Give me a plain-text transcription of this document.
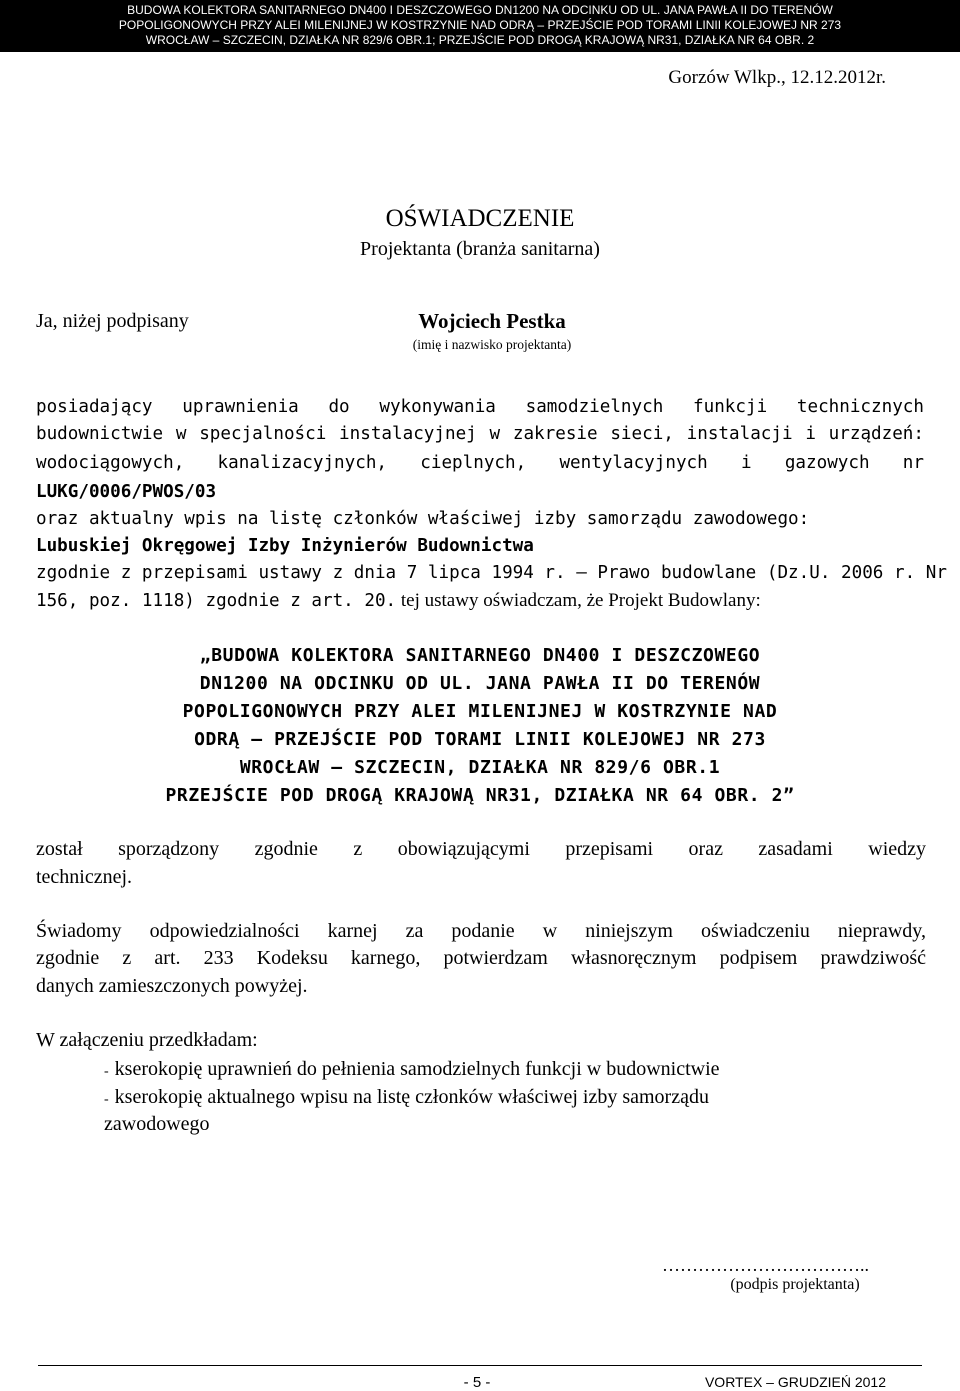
BUDOWA KOLEKTORA SANITARNEGO DN400 I DESZCZOWEGO DN1200 NA ODCINKU OD UL. JANA PAWŁA II DO TERENÓW
POPOLIGONOWYCH PRZY ALEI MILENIJNEJ W KOSTRZYNIE NAD ODRĄ – PRZEJŚCIE POD TORAMI LINII KOLEJOWEJ NR 273
WROCŁAW – SZCZECIN, DZIAŁKA NR 829/6 OBR.1; PRZEJŚCIE POD DROGĄ KRAJOWĄ NR31, DZIAŁKA NR 64 OBR. 2
Gorzów Wlkp., 12.12.2012r.
OŚWIADCZENIE
Projektanta (branża sanitarna)
Ja, niżej podpisany	Wojciech Pestka
(imię i nazwisko projektanta)
posiadający uprawnienia do wykonywania samodzielnych funkcji technicznych
budownictwie w specjalności instalacyjnej w zakresie sieci, instalacji i urządzeń:
wodociągowych, kanalizacyjnych, cieplnych, wentylacyjnych i gazowych nr
LUKG/0006/PWOS/03
oraz aktualny wpis na listę członków właściwej izby samorządu zawodowego:
Lubuskiej Okręgowej Izby Inżynierów Budownictwa
zgodnie z przepisami ustawy z dnia 7 lipca 1994 r. – Prawo budowlane (Dz.U. 2006 r. Nr
156, poz. 1118) zgodnie z art. 20. tej ustawy oświadczam, że Projekt Budowlany:
„BUDOWA KOLEKTORA SANITARNEGO DN400 I DESZCZOWEGO
DN1200 NA ODCINKU OD UL. JANA PAWŁA II DO TERENÓW
POPOLIGONOWYCH PRZY ALEI MILENIJNEJ W KOSTRZYNIE NAD
ODRĄ – PRZEJŚCIE POD TORAMI LINII KOLEJOWEJ NR 273
WROCŁAW – SZCZECIN, DZIAŁKA NR 829/6 OBR.1
PRZEJŚCIE POD DROGĄ KRAJOWĄ NR31, DZIAŁKA NR 64 OBR. 2”
został sporządzony zgodnie z obowiązującymi przepisami oraz zasadami wiedzy
technicznej.
Świadomy odpowiedzialności karnej za podanie w niniejszym oświadczeniu nieprawdy,
zgodnie z art. 233 Kodeksu karnego, potwierdzam własnoręcznym podpisem prawdziwość
danych zamieszczonych powyżej.
W załączeniu przedkładam:
- kserokopię uprawnień do pełnienia samodzielnych funkcji w budownictwie
- kserokopię aktualnego wpisu na listę członków właściwej izby samorządu
zawodowego
……………………………..
(podpis projektanta)
- 5 -	VORTEX – GRUDZIEŃ 2012
